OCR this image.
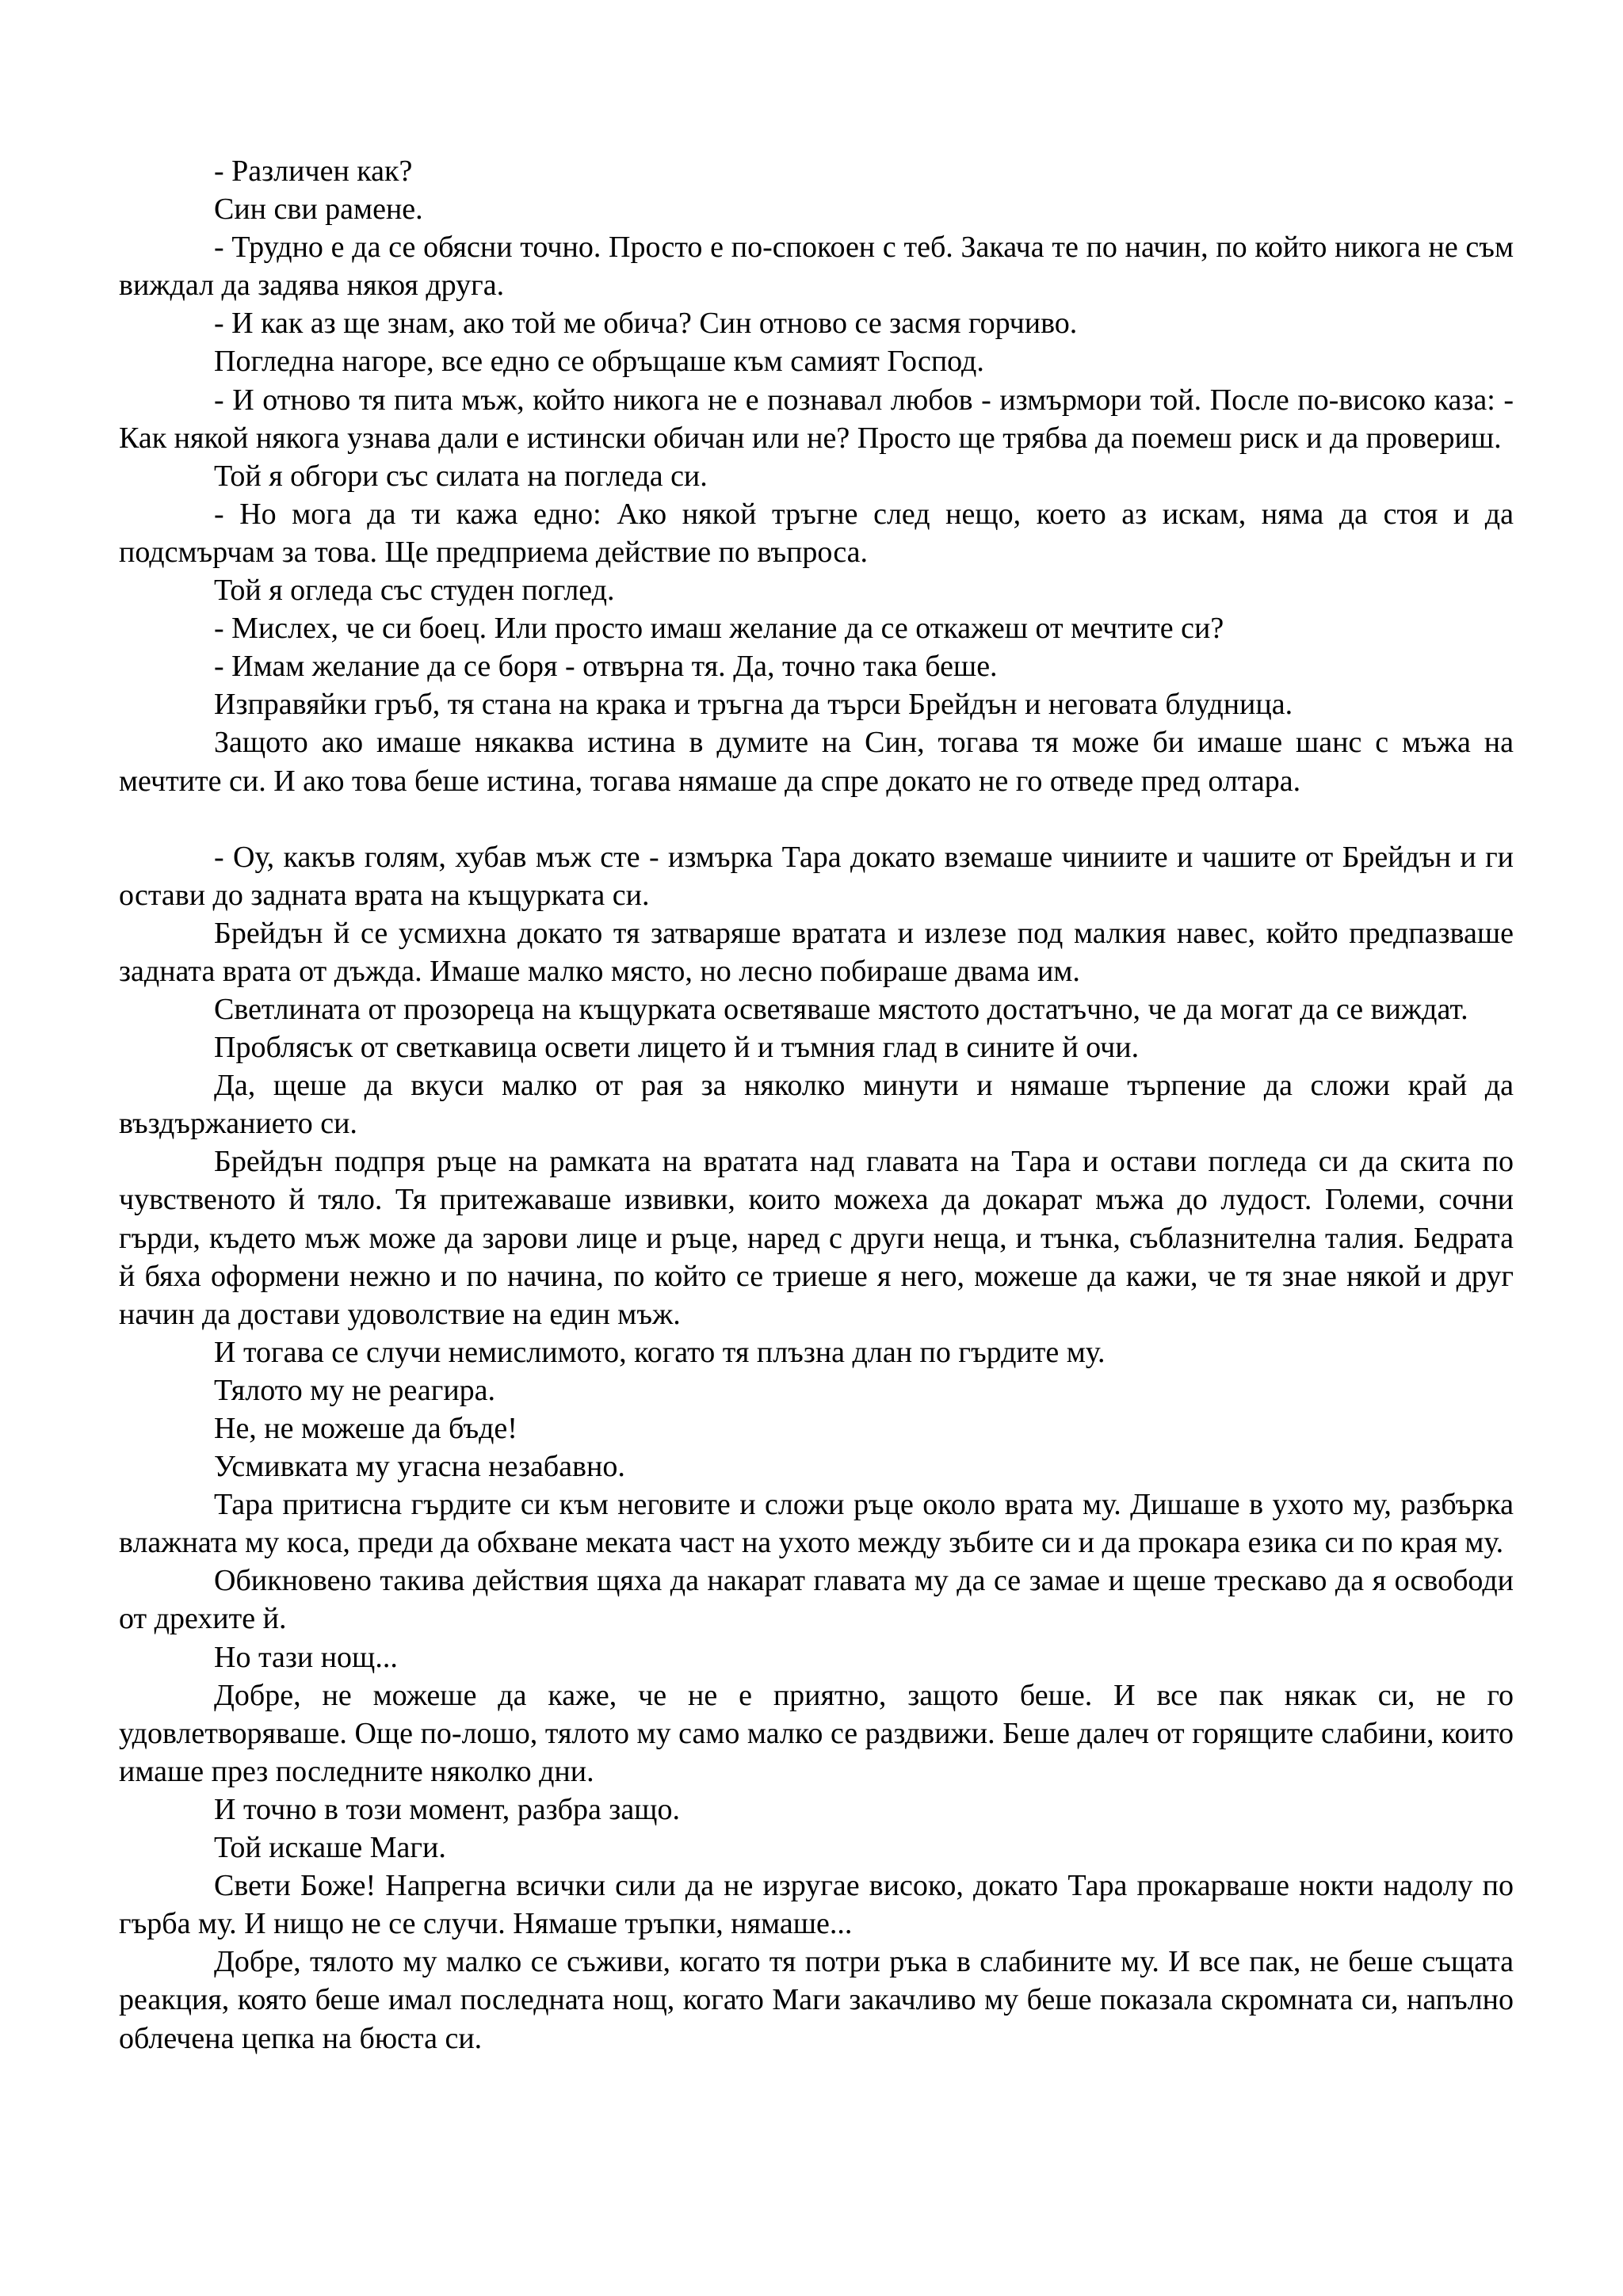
- Различен как?

Син сви рамене.

- Трудно е да се обясни точно. Просто е по-спокоен с теб. Закача те по начин, по който никога не съм виждал да задява някоя друга.

- И как аз ще знам, ако той ме обича? Син отново се засмя горчиво.

Погледна нагоре, все едно се обръщаше към самият Господ.

- И отново тя пита мъж, който никога не е познавал любов - измърмори той. После по-високо каза: - Как някой някога узнава дали е истински обичан или не? Просто ще трябва да поемеш риск и да провериш.

Той я обгори със силата на погледа си.

- Но мога да ти кажа едно: Ако някой тръгне след нещо, което аз искам, няма да стоя и да подсмърчам за това. Ще предприема действие по въпроса.

Той я огледа със студен поглед.

- Мислех, че си боец. Или просто имаш желание да се откажеш от мечтите си?

- Имам желание да се боря - отвърна тя. Да, точно така беше.

Изправяйки гръб, тя стана на крака и тръгна да търси Брейдън и неговата блудница.

Защото ако имаше някаква истина в думите на Син, тогава тя може би имаше шанс с мъжа на мечтите си. И ако това беше истина, тогава нямаше да спре докато не го отведе пред олтара.

- Оу, какъв голям, хубав мъж сте - измърка Тара докато вземаше чиниите и чашите от Брейдън и ги остави до задната врата на къщурката си.

Брейдън й се усмихна докато тя затваряше вратата и излезе под малкия навес, който предпазваше задната врата от дъжда. Имаше малко място, но лесно побираше двама им.

Светлината от прозореца на къщурката осветяваше мястото достатъчно, че да могат да се виждат.

Проблясък от светкавица освети лицето й и тъмния глад в сините й очи.

Да, щеше да вкуси малко от рая за няколко минути и нямаше търпение да сложи край да въздържанието си.

Брейдън подпря ръце на рамката на вратата над главата на Тара и остави погледа си да скита по чувственото й тяло. Тя притежаваше извивки, които можеха да докарат мъжа до лудост. Големи, сочни гърди, където мъж може да зарови лице и ръце, наред с други неща, и тънка, съблазнителна талия. Бедрата й бяха оформени нежно и по начина, по който се триеше я него, можеше да кажи, че тя знае някой и друг начин да достави удоволствие на един мъж.

И тогава се случи немислимото, когато тя плъзна длан по гърдите му.

Тялото му не реагира.

Не, не можеше да бъде!

Усмивката му угасна незабавно.

Тара притисна гърдите си към неговите и сложи ръце около врата му. Дишаше в ухото му, разбърка влажната му коса, преди да обхване меката част на ухото между зъбите си и да прокара езика си по края му.

Обикновено такива действия щяха да накарат главата му да се замае и щеше трескаво да я освободи от дрехите й.

Но тази нощ...

Добре, не можеше да каже, че не е приятно, защото беше. И все пак някак си, не го удовлетворяваше. Още по-лошо, тялото му само малко се раздвижи. Беше далеч от горящите слабини, които имаше през последните няколко дни.

И точно в този момент, разбра защо.

Той искаше Маги.

Свети Боже! Напрегна всички сили да не изругае високо, докато Тара прокарваше нокти надолу по гърба му. И нищо не се случи. Нямаше тръпки, нямаше...

Добре, тялото му малко се съживи, когато тя потри ръка в слабините му. И все пак, не беше същата реакция, която беше имал последната нощ, когато Маги закачливо му беше показала скромната си, напълно облечена цепка на бюста си.
